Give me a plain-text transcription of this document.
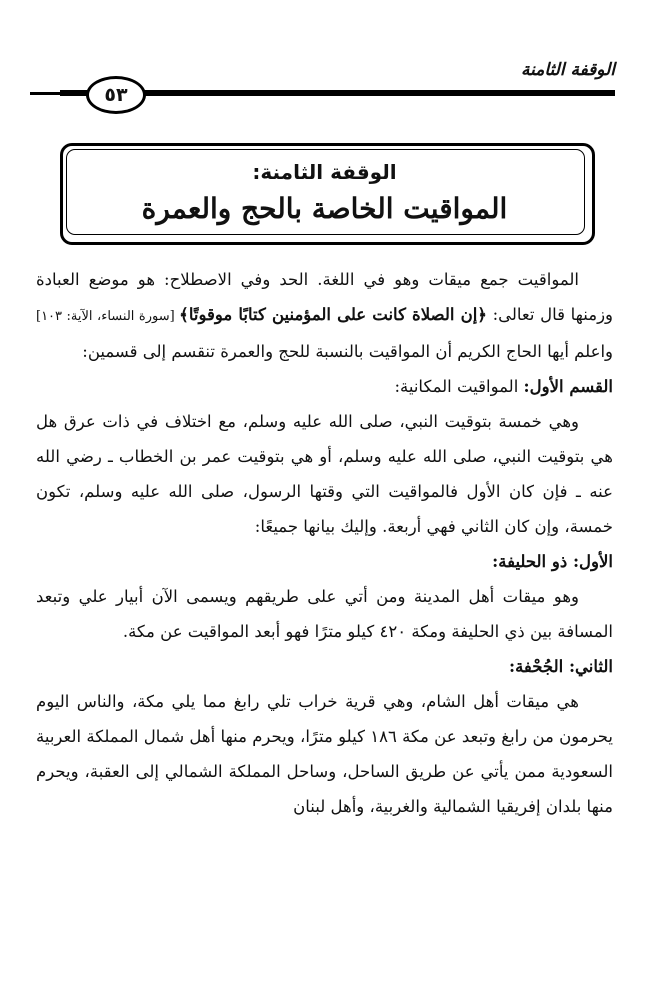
الوقفة الثامنة
٥٣
الوقفة الثامنة:
المواقيت الخاصة بالحج والعمرة

المواقيت جمع ميقات وهو في اللغة. الحد وفي الاصطلاح: هو موضع العبادة وزمنها قال تعالى: ﴿إن الصلاة كانت على المؤمنين كتابًا موقوتًا﴾ [سورة النساء، الآية: ١٠٣] واعلم أيها الحاج الكريم أن المواقيت بالنسبة للحج والعمرة تنقسم إلى قسمين:

القسم الأول: المواقيت المكانية:

وهي خمسة بتوقيت النبي، صلى الله عليه وسلم، مع اختلاف في ذات عرق هل هي بتوقيت النبي، صلى الله عليه وسلم، أو هي بتوقيت عمر بن الخطاب ـ رضي الله عنه ـ فإن كان الأول فالمواقيت التي وقتها الرسول، صلى الله عليه وسلم، تكون خمسة، وإن كان الثاني فهي أربعة. وإليك بيانها جميعًا:

الأول: ذو الحليفة:

وهو ميقات أهل المدينة ومن أتي على طريقهم ويسمى الآن أبيار علي وتبعد المسافة بين ذي الحليفة ومكة ٤٢٠ كيلو مترًا فهو أبعد المواقيت عن مكة.

الثاني: الجُحْفة:

هي ميقات أهل الشام، وهي قرية خراب تلي رابغ مما يلي مكة، والناس اليوم يحرمون من رابغ وتبعد عن مكة ١٨٦ كيلو مترًا، ويحرم منها أهل شمال المملكة العربية السعودية ممن يأتي عن طريق الساحل، وساحل المملكة الشمالي إلى العقبة، ويحرم منها بلدان إفريقيا الشمالية والغربية، وأهل لبنان
